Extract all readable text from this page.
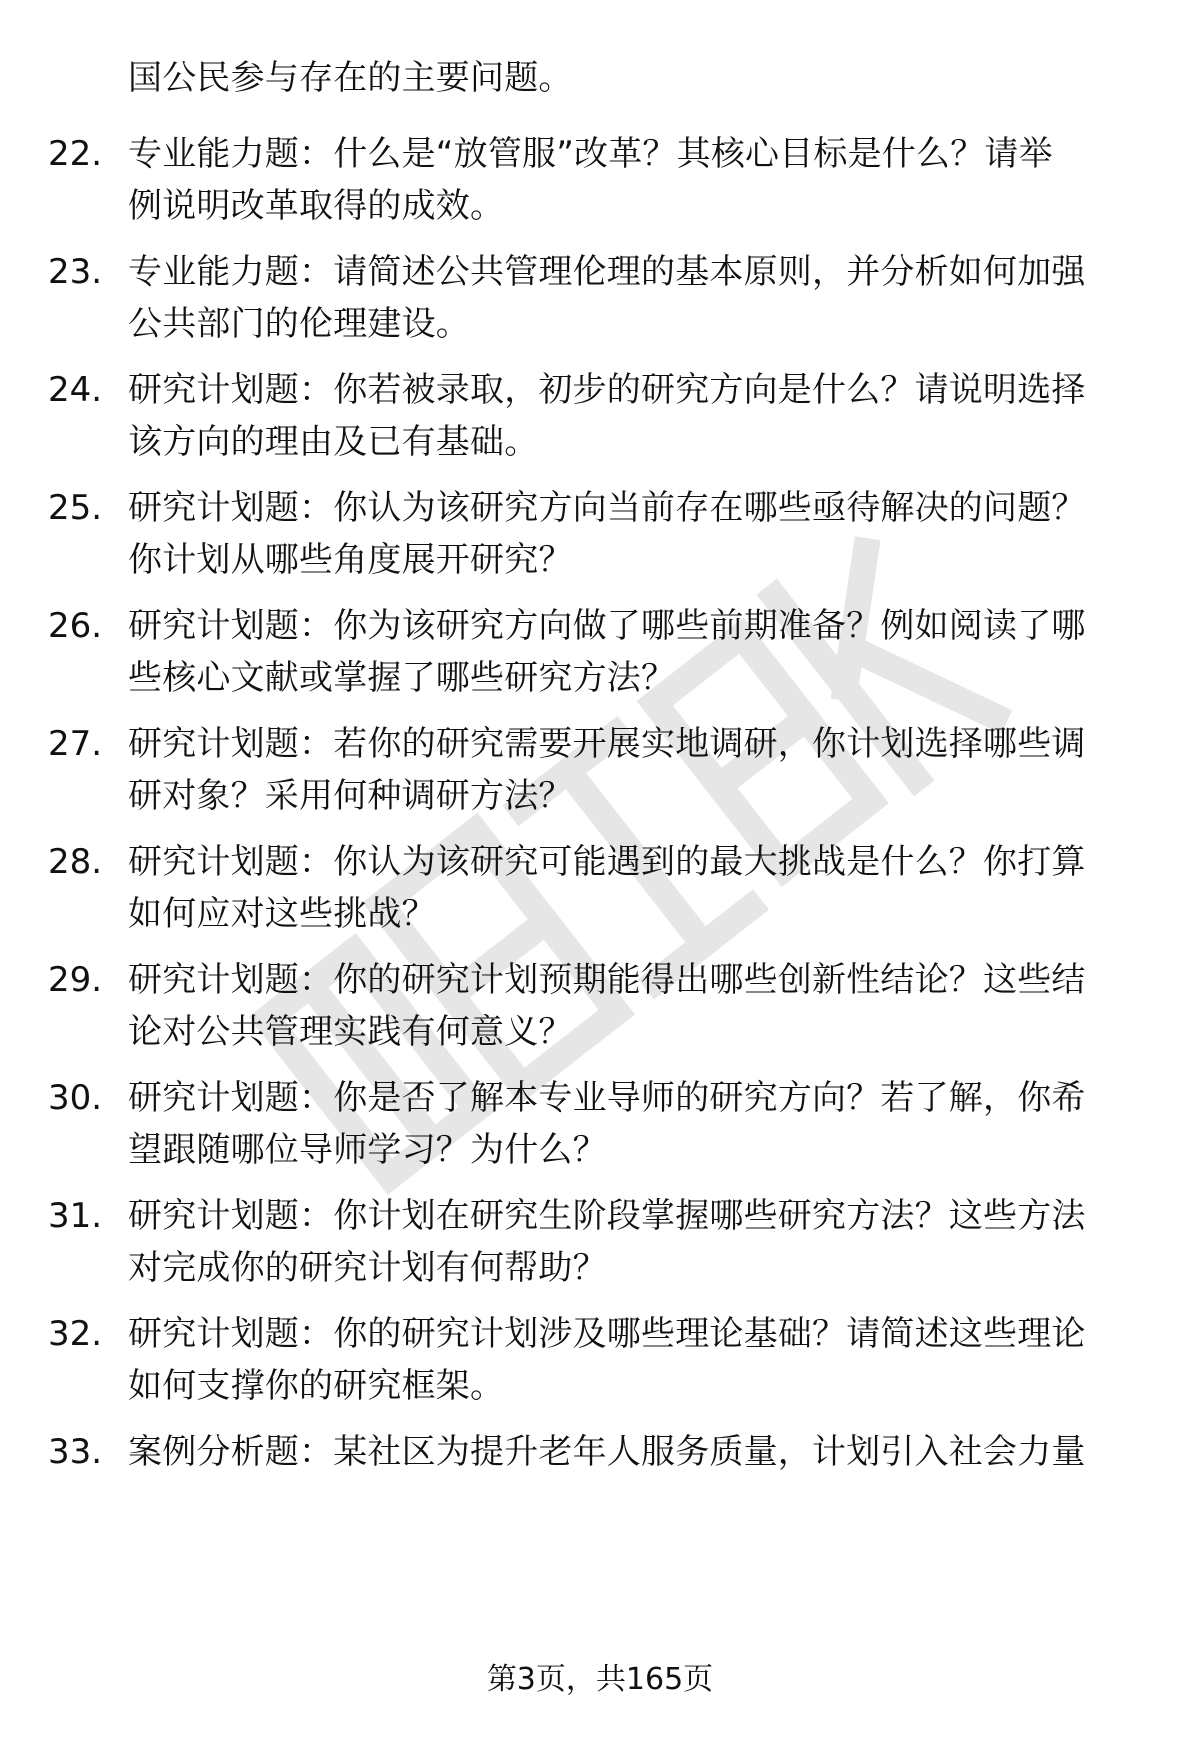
国公民参与存在的主要问题。
22. 专业能力题：什么是“放管服”改革？其核心目标是什么？请举
例说明改革取得的成效。
23. 专业能力题：请简述公共管理伦理的基本原则，并分析如何加强
公共部门的伦理建设。
24. 研究计划题：你若被录取，初步的研究方向是什么？请说明选择
该方向的理由及已有基础。
25. 研究计划题：你认为该研究方向当前存在哪些亟待解决的问题？
你计划从哪些角度展开研究？
26. 研究计划题：你为该研究方向做了哪些前期准备？例如阅读了哪
些核心文献或掌握了哪些研究方法？
27. 研究计划题：若你的研究需要开展实地调研，你计划选择哪些调
研对象？采用何种调研方法？
28. 研究计划题：你认为该研究可能遇到的最大挑战是什么？你打算
如何应对这些挑战？
29. 研究计划题：你的研究计划预期能得出哪些创新性结论？这些结
论对公共管理实践有何意义？
30. 研究计划题：你是否了解本专业导师的研究方向？若了解，你希
望跟随哪位导师学习？为什么？
31. 研究计划题：你计划在研究生阶段掌握哪些研究方法？这些方法
对完成你的研究计划有何帮助？
32. 研究计划题：你的研究计划涉及哪些理论基础？请简述这些理论
如何支撑你的研究框架。
33. 案例分析题：某社区为提升老年人服务质量，计划引入社会力量
第3页，共165页
